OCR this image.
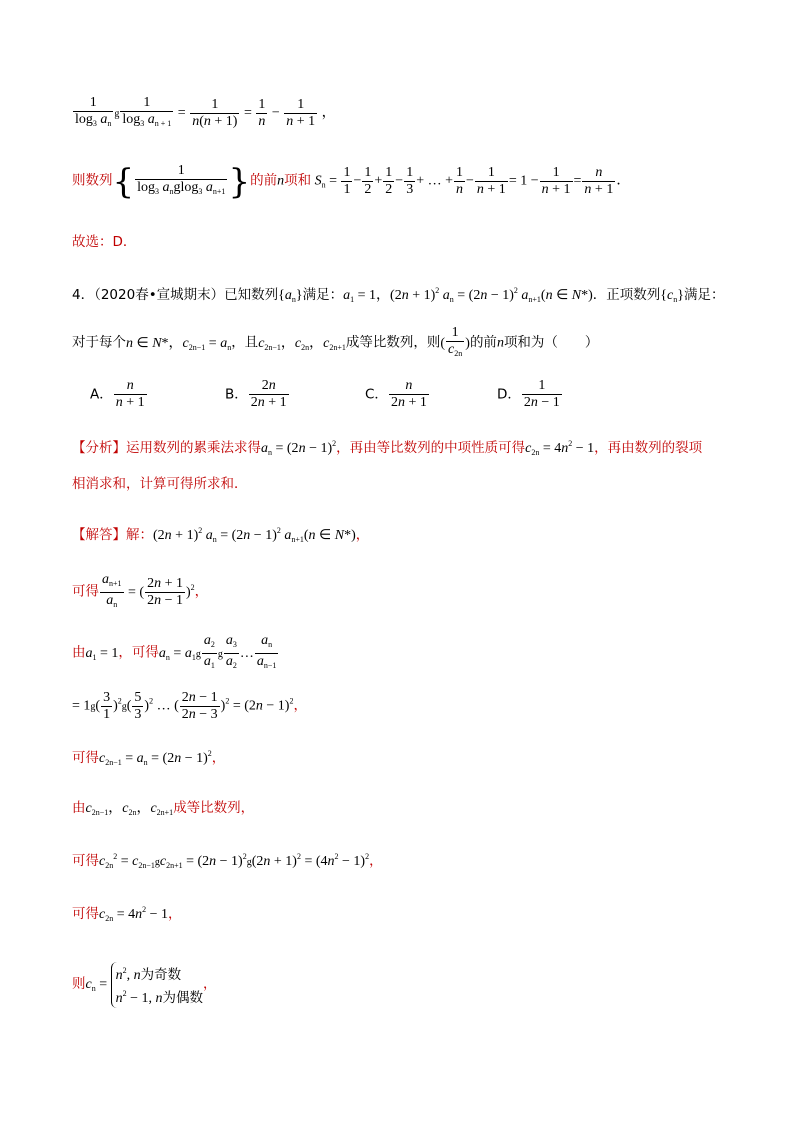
$\frac{1}{\log_3 a_n}$ g $\frac{1}{\log_3 a_{n + 1}} = \frac{1}{n(n + 1)} = \frac{1}{n} - \frac{1}{n + 1}$ ，
则数列{ $\frac{1}{\log_3 a_nglog_3 a_{n+1}}$ }的前n项和 $S_n = \frac{1}{1} - \frac{1}{2} + \frac{1}{2} - \frac{1}{3}$ + … + $\frac{1}{n} - \frac{1}{n + 1} = 1 - \frac{1}{n + 1} = \frac{n}{n + 1}$ ．
故选：D．
4．（2020春•宣城期末）已知数列$\{a_n\}$满足：$a_1 = 1$，$(2n + 1)^2$ $a_n = (2n - 1)^2$ $a_{n+1}(n$ ∈ N*)．正项数列$\{c_n\}$满足：
对于每个n ∈ N*，$c_{2n-1} = a_n$，且$c_{2n-1}$，$c_{2n}$，$c_{2n+1}$成等比数列，则( $\frac{1}{c_{2n}}$ )的前n项和为（　　）
A． $\frac{n}{n + 1}$	B． $\frac{2n}{2n + 1}$	C． $\frac{n}{2n + 1}$	D． $\frac{1}{2n - 1}$
【分析】运用数列的累乘法求得$a_n = (2n - 1)^2$，再由等比数列的中项性质可得$c_{2n} = 4n^2 - 1$，再由数列的裂项
相消求和，计算可得所求和．
【解答】解：$(2n + 1)^2$ $a_n = (2n - 1)^2$ $a_{n+1}(n$ ∈ N*)，
可得 $\frac{a_{n+1}}{a_n}$ = ( $\frac{2n + 1}{2n - 1} )^2$，
由$a_1 = 1$，可得$a_n = a_1g \frac{a_2}{a_1}$ g $\frac{a_3}{a_2}$ … $\frac{a_n}{a_{n-1}}$
= $1g( \frac{3}{1} )^2g( \frac{5}{3} )^2$ … ( $\frac{2n - 1}{2n - 3} )^2 = (2n - 1)^2$，
可得$c_{2n-1} = a_n = (2n - 1)^2$，
由$c_{2n-1}$，$c_{2n}$，$c_{2n+1}$成等比数列，
可得$c_{2n}^2 = c_{2n-1}gc_{2n+1} = (2n - 1)^2g(2n + 1)^2 = (4n^2 - 1)^2$，
可得$c_{2n} = 4n^2 - 1$，
则$c_n$ =
$n^2$, n为奇数
$n^2 - 1$, n为偶数
，
